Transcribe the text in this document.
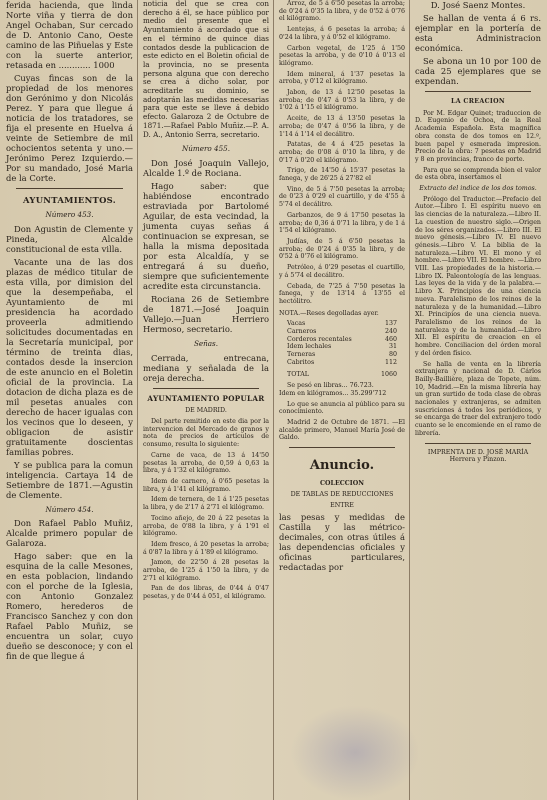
ferida hacienda, que linda Norte viña y tierra de don Angel Ochaban, Sur cercado de D. Antonio Cano, Oeste camino de las Piñuelas y Este con la suerte anterior, retasada en ............ 1000

Cuyas fincas son de la propiedad de los menores don Gerónimo y don Nicolás Perez. Y para que llegue á noticia de los tratadores, se fija el presente en Huelva á veinte de Setiembre de mil ochocientos setenta y uno.—Jerónimo Perez Izquierdo.—Por su mandado, José Maria de la Corte.

AYUNTAMIENTOS.

Número 453.

Don Agustin de Clemente y Pineda, Alcalde constitucional de esta villa.

Vacante una de las dos plazas de médico titular de esta villa, por dimision del que la desempeñaba, el Ayuntamiento de mi presidencia ha acordado proveerla admitiendo solicitudes documentadas en la Secretaría municipal, por término de treinta dias, contados desde la insercion de este anuncio en el Boletin oficial de la provincia. La dotacion de dicha plaza es de mil pesetas anuales con derecho de hacer igualas con los vecinos que lo deseen, y obligacion de asistir gratuitamente doscientas familias pobres.

Y se publica para la comun inteligencia. Cartaya 14 de Setiembre de 1871.—Agustin de Clemente.

Número 454.

Don Rafael Pablo Muñiz, Alcalde primero popular de Galaroza.

Hago saber: que en la esquina de la calle Mesones, en esta poblacion, lindando con el porche de la Iglesia, con Antonio Gonzalez Romero, herederos de Francisco Sanchez y con don Rafael Pablo Muñiz, se encuentra un solar, cuyo dueño se desconoce; y con el fin de que llegue á

noticia del que se crea con derecho á él, se hace público por medio del presente que el Ayuntamiento á acordado que si en el término de quince dias contados desde la publicacion de este edicto en el Boletin oficial de la provincia, no se presenta persona alguna que con derecho se crea á dicho solar, por acreditarle su dominio, se adoptarán las medidas necesarias para que este se lleve á debido efecto. Galaroza 2 de Octubre de 1871.—Rafael Pablo Muñiz.—P. A. D. A., Antonio Serra, secretario.

Número 455.

Don José Joaquin Vallejo, Alcalde 1.º de Rociana.

Hago saber: que habiéndose encontrado estraviada por Bartolomé Aguilar, de esta vecindad, la jumenta cuyas señas á continuacion se expresan, se halla la misma depositada por esta Alcaldía, y se entregará á su dueño, siempre que suficientemente acredite esta circunstancia.

Rociana 26 de Setiembre de 1871.—José Joaquin Vallejo.—Juan Herriero Hermoso, secretario.

Señas.

Cerrada, entrecana, mediana y señalada de la oreja derecha.

AYUNTAMIENTO POPULAR

DE MADRID.

Del parte remitido en este dia por la intervencion del Mercado de granos y nota de precios de artículos de consumo, resulta lo siguiente:

Carne de vaca, de 13 á 14'50 pesetas la arroba, de 0,59 á 0,63 la libra, y á 1'32 el kilógramo.

Idem de carnero, á 0'65 pesetas la libra, y á 1'41 el kilógramo.

Idem de ternera, de 1 á 1'25 pesetas la libra, y de 2'17 á 2'71 el kilógramo.

Tocino añejo, de 20 á 22 pesetas la arroba, de 0'88 la libra, y á 1'91 el kilógramo.

Idem fresco, á 20 pesetas la arroba; á 0'87 la libra y á 1'89 el kilógramo.

Jamon, de 22'50 á 28 pesetas la arroba, de 1'25 á 1'50 la libra, y de 2'71 el kilógramo.

Pan de dos libras, de 0'44 á 0'47 pesetas, y de 0'44 á 051, el kilógramo.

Arroz, de 5 á 6'50 pesetas la arroba; de 0'24 á 0'35 la libra, y de 0'52 á 0'76 el kilógramo.

Lentejas, á 6 pesetas la arroba; á 0'24 la libra, y á 0'52 el kilógramo.

Carbon vegetal, de 1'25 á 1'50 pesetas la arroba, y de 0'10 á 0'13 el kilógramo.

Idem mineral, á 1'37 pesetas la arroba, y 0'12 el kilógramo.

Jabon, de 13 á 12'50 pesetas la arroba; de 0'47 á 0'53 la libra, y de 1'02 á 1'15 el kilógramo.

Aceite, de 13 á 13'50 pesetas la arroba; de 0'47 á 0'56 la libra, y de 1'14 á 1'14 el decálitro.

Patatas, de 4 á 4'25 pesetas la arroba; de 0'08 á 0'10 la libra, y de 0'17 á 0'20 el kilógramo.

Trigo, de 14'50 á 15'37 pesetas la fanega, y de 26'25 á 27'82 el

Vino, de 5 á 7'50 pesetas la arroba; de 0'23 á 0'29 el cuartillo, y de 4'55 á 5'74 el decálitro.

Garbanzos, de 9 á 17'50 pesetas la arroba; de 0,36 á 0'71 la libra, y de 1 á 1'54 el kilógramo.

Judías, de 5 á 6'50 pesetas la arroba; de 0'24 á 0'35 la libra, y de 0'52 á 0'76 el kilógramo.

Petróleo, á 0'29 pesetas el cuartillo, y á 5'74 el decálitro.

Cebada, de 7'25 á 7'50 pesetas la fanega, y de 13'14 á 13'55 el hectólitro.

NOTA.—Reses degolladas ayer.

Vacas	137
Carneros	240
Corderos recentales	460
Idem lechales	31
Terneras	80
Cabritos	112
TOTAL	1060

Se pesó en libras... 76.723.
Idem en kilógramos... 35.299'712

Lo que se anuncia al público para su conocimiento.

Madrid 2 de Octubre de 1871. —El alcalde primero, Manuel María José de Galdo.

Anuncio.

COLECCION

DE TABLAS DE REDUCCIONES

ENTRE

las pesas y medidas de Castilla y las métrico-decimales, con otras útiles á las dependencias oficiales y oficinas particulares, redactadas por

D. José Saenz Montes.

Se hallan de venta á 6 rs. ejemplar en la portería de esta Administracion económica.

Se abona un 10 por 100 de cada 25 ejemplares que se expendan.

LA CREACION

Por M. Edgar Quinet; traduccion de D. Eugenio de Ochoa, de la Real Academia Española. Esta magnífica obra consta de dos tomos en 12.º, buen papel y esmerada impresion. Precio de la obra: 7 pesetas en Madrid y 8 en provincias, franco de porte.

Para que se comprenda bien el valor de esta obra, insertamos el

Extracto del indice de los dos tomos.

Prólogo del Traductor.—Prefacio del Autor.—Libro I. El espíritu nuevo en las ciencias de la naturaleza.—Libro II. La cuestion de nuestro siglo.—Origen de los séres organizados.—Libro III. El nuevo génesis.—Libro IV. El nuevo génesis.—Libro V. La biblia de la naturaleza.—Libro VI. El mono y el hombre.—Libro VII. El hombre. —Libro VIII. Las propiedades de la historia.—Libro IX. Paleontología de las lenguas. Las leyes de la vida y de la palabra.—Libro X. Principios de una ciencia nueva. Paralelismo de los reinos de la naturaleza y de la humanidad.—Libro XI. Principios de una ciencia nueva. Paralelismo de los reinos de la naturaleza y de la humanidad.—Libro XII. El espíritu de creacion en el hombre. Conciliacion del órden moral y del órden físico.

Se halla de venta en la librería extranjera y nacional de D. Cárlos Bailly-Baillière, plaza de Topete, núm. 10, Madrid.—En la misma librería hay un gran surtido de toda clase de obras nacionales y extranjeras, se admiten suscriciones á todos los periódicos, y se encarga de traer del extranjero todo cuanto se le encomiende en el ramo de librería.

IMPRENTA DE D. JOSÉ MARÍA Herrera y Pinzon.
